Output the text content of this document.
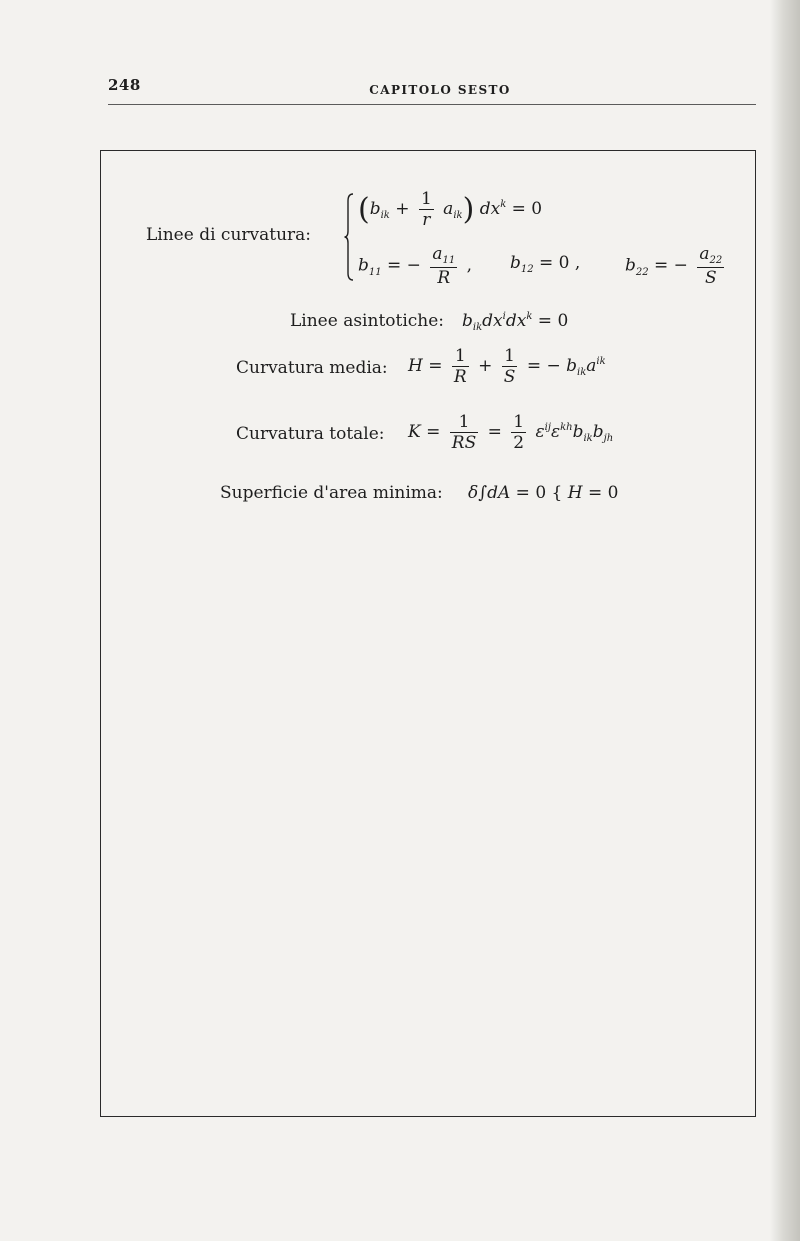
248	CAPITOLO SESTO
Linee di curvatura:
$(b_{ik} + \frac{1}{r} a_{ik}) dx^k = 0$
$b_{11}$ = − $\frac{a_{11}}{R}$ , $b_{12} = 0$ ,	$b_{22}$ = − $\frac{a_{22}}{S}$
Linee asintotiche: $b_{ik}dx^idx^k = 0$
Curvatura media: $H = \frac{1}{R} + \frac{1}{S}$ = − $b_{ik}a^{ik}$
Curvatura totale: $K = \frac{1}{RS} = \frac{1}{2} \varepsilon^{ij}\varepsilon^{kh}b_{ik}b_{jh}$
Superficie d'area minima: δ∫dA = 0 { H = 0
